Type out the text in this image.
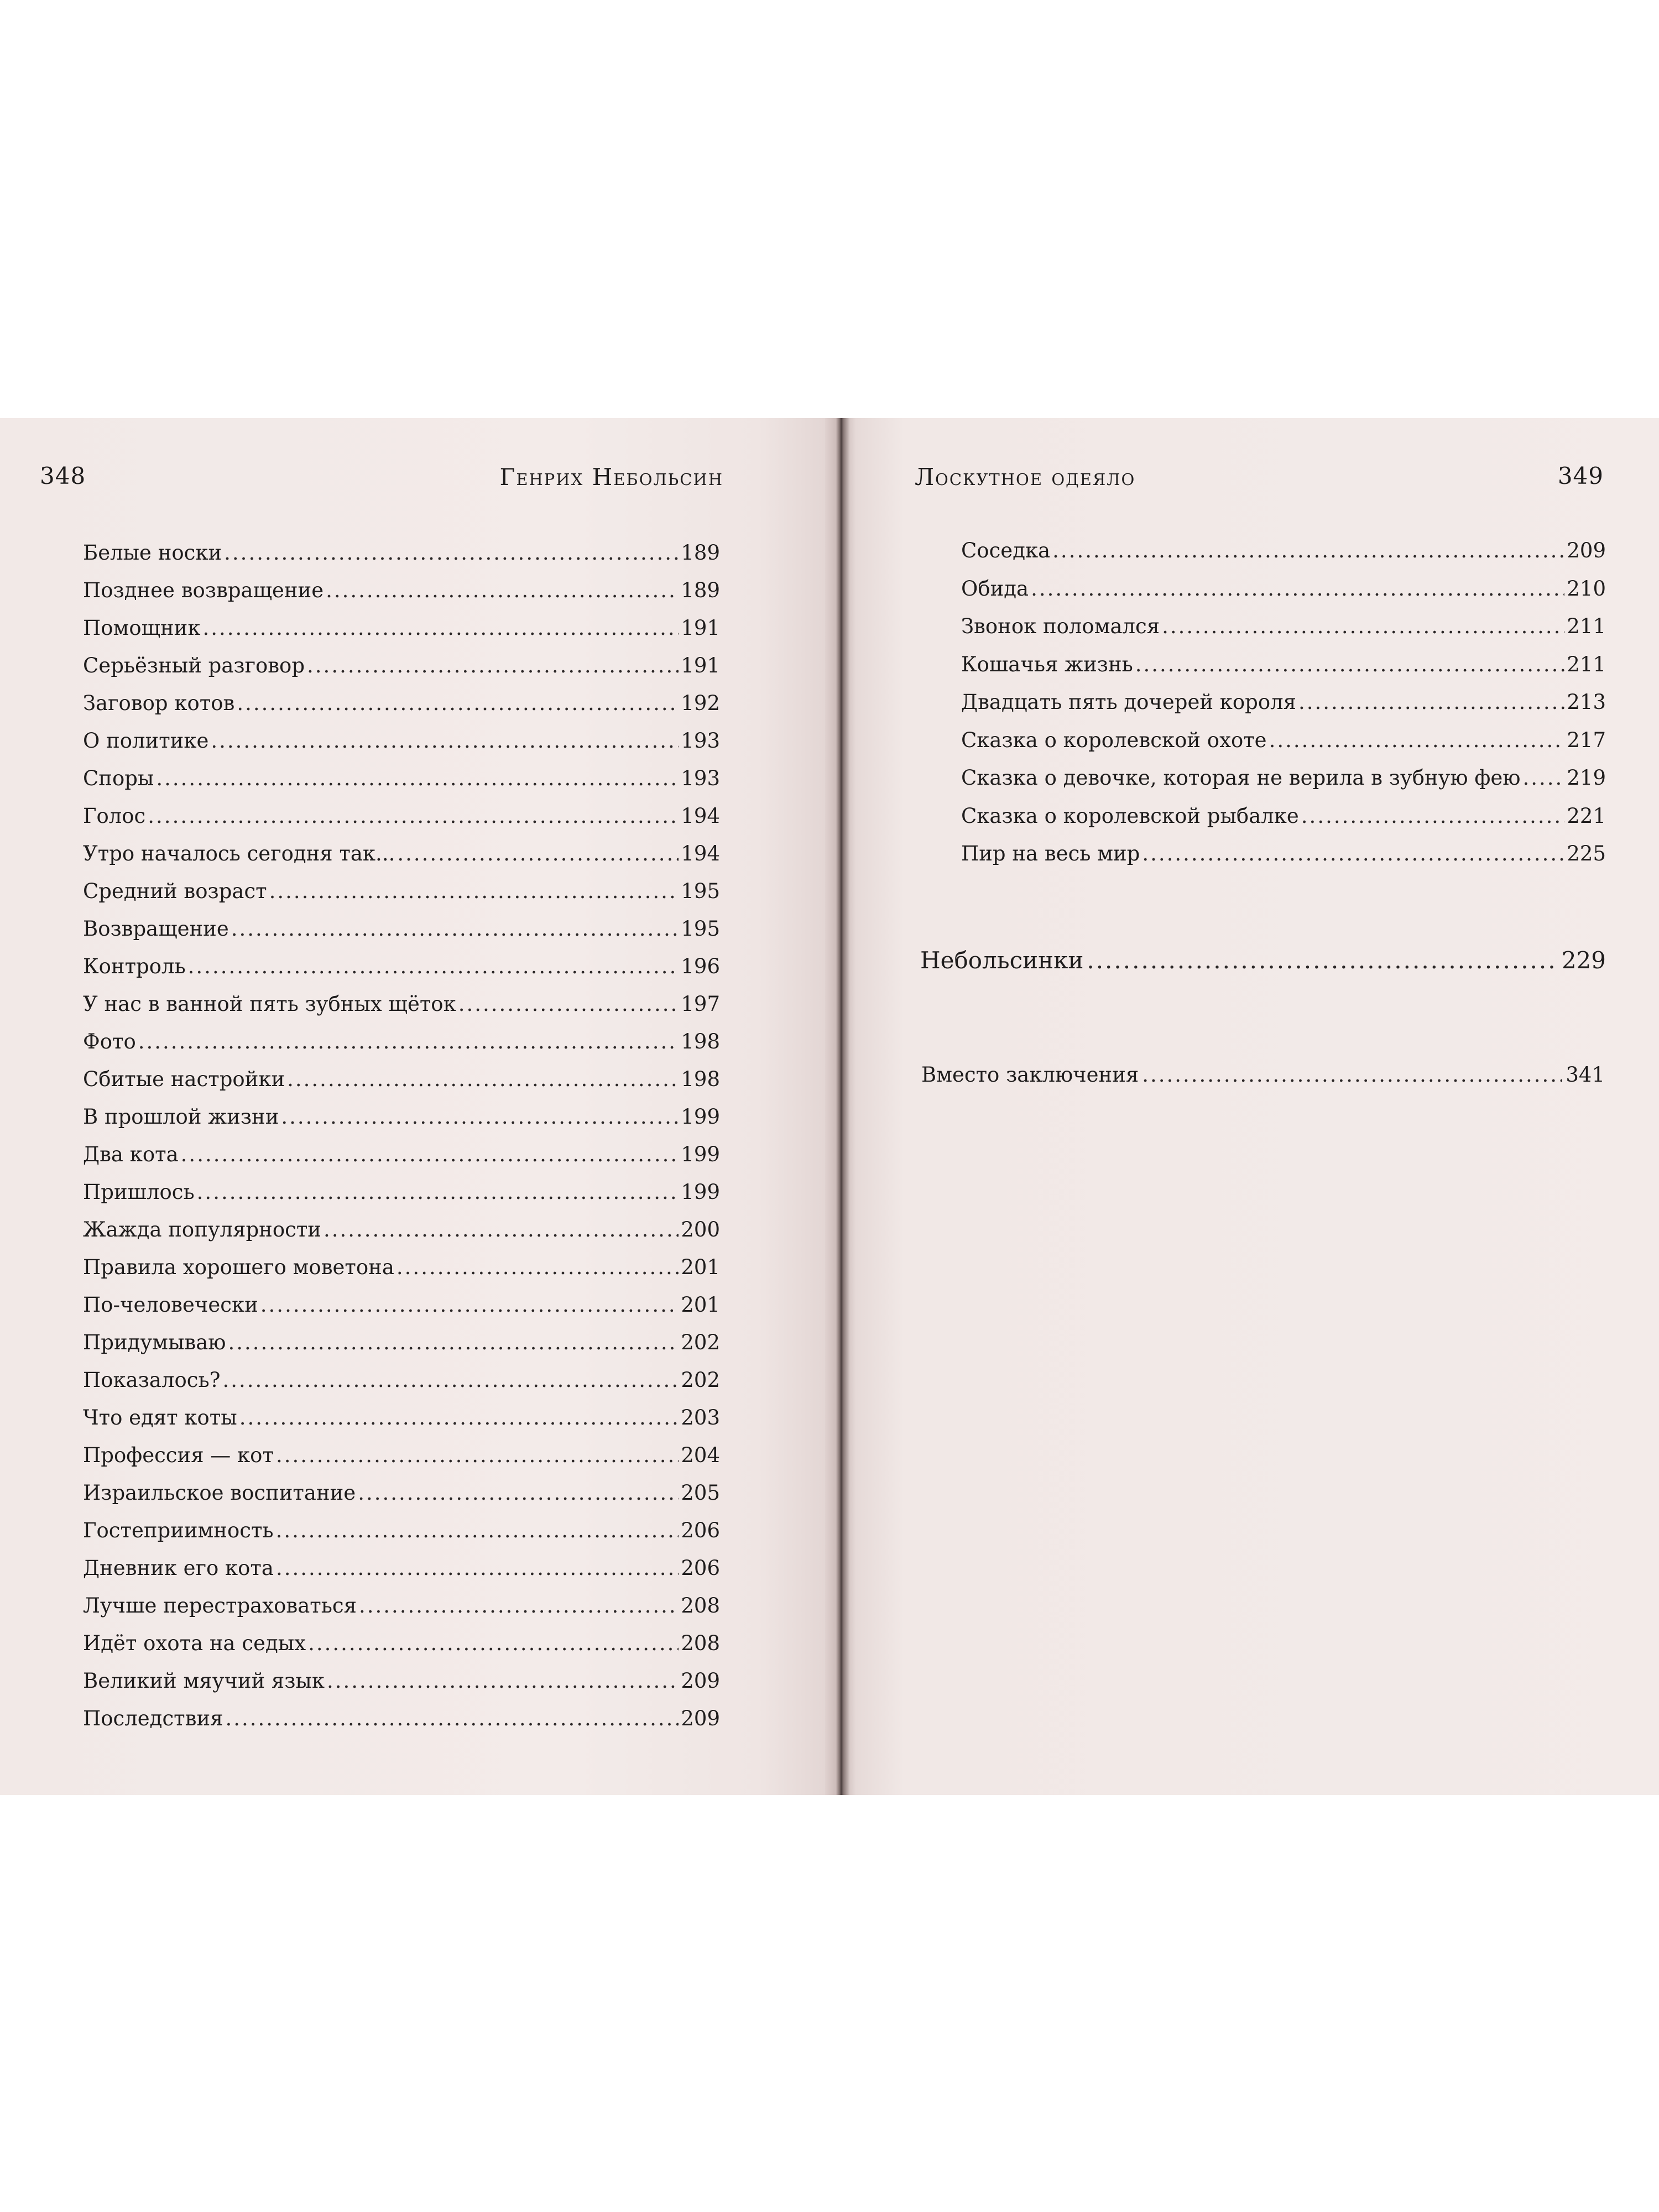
348	Генрих Небольсин
Белые носки .....	189
Позднее возвращение .....	189
Помощник .....	191
Серьёзный разговор .....	191
Заговор котов .....	192
О политике .....	193
Споры .....	193
Голос .....	194
Утро началось сегодня так... .....	194
Средний возраст .....	195
Возвращение .....	195
Контроль .....	196
У нас в ванной пять зубных щёток .....	197
Фото .....	198
Сбитые настройки .....	198
В прошлой жизни .....	199
Два кота .....	199
Пришлось .....	199
Жажда популярности .....	200
Правила хорошего моветона .....	201
По-человечески .....	201
Придумываю .....	202
Показалось? .....	202
Что едят коты .....	203
Профессия — кот .....	204
Израильское воспитание .....	205
Гостеприимность .....	206
Дневник его кота .....	206
Лучше перестраховаться .....	208
Идёт охота на седых .....	208
Великий мяучий язык .....	209
Последствия .....	209
Лоскутное одеяло	349
Соседка .....	209
Обида .....	210
Звонок поломался .....	211
Кошачья жизнь .....	211
Двадцать пять дочерей короля .....	213
Сказка о королевской охоте .....	217
Сказка о девочке, которая не верила в зубную фею ..... 219
Сказка о королевской рыбалке .....	221
Пир на весь мир .....	225
Небольсинки .....	229
Вместо заключения .....	341
